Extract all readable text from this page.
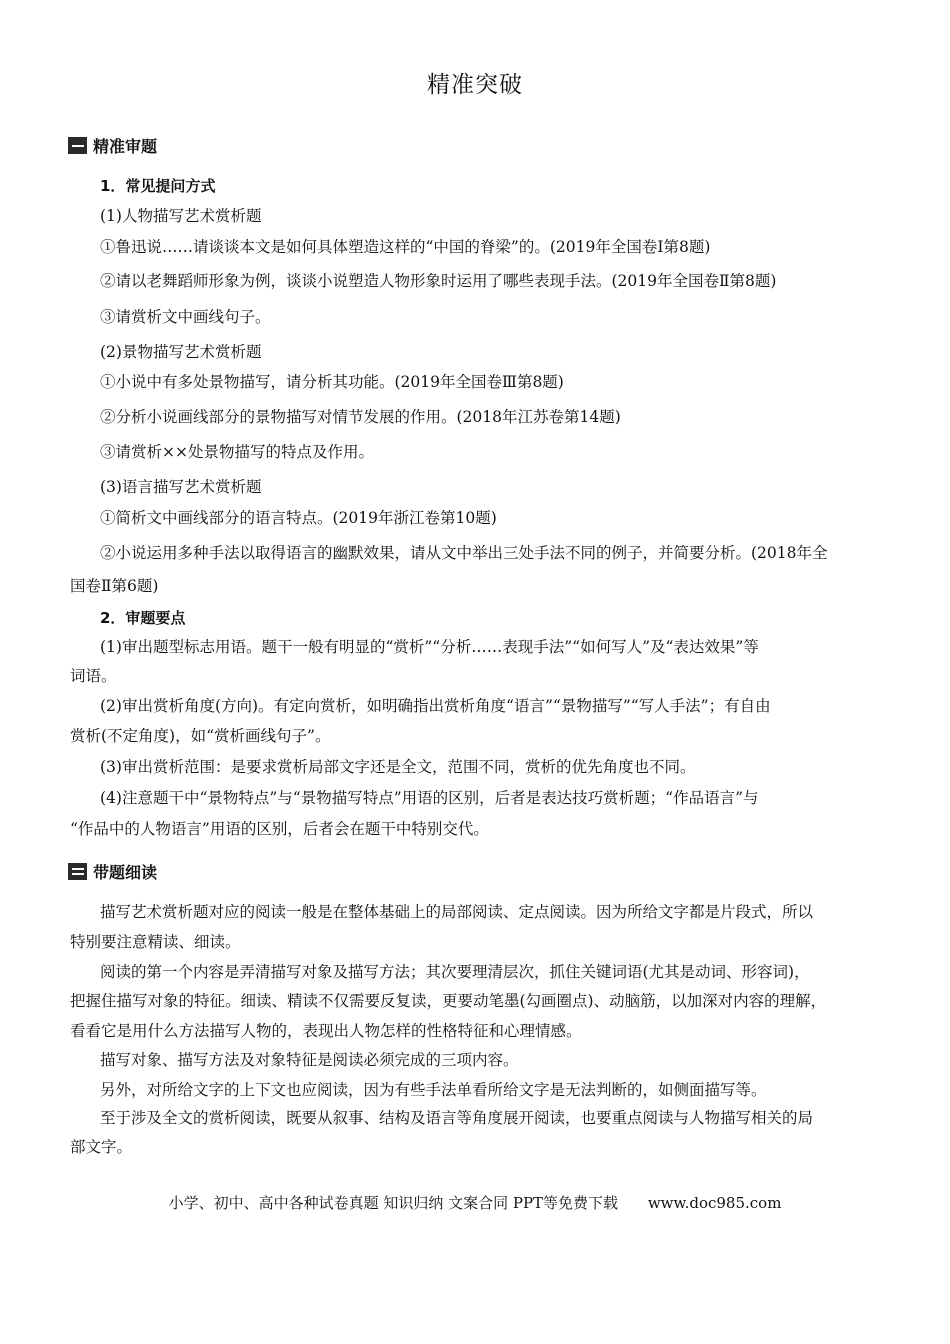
精准突破
精准审题
1．常见提问方式
(1)人物描写艺术赏析题
①鲁迅说……请谈谈本文是如何具体塑造这样的“中国的脊梁”的。(2019年全国卷Ⅰ第8题)
②请以老舞蹈师形象为例，谈谈小说塑造人物形象时运用了哪些表现手法。(2019年全国卷Ⅱ第8题)
③请赏析文中画线句子。
(2)景物描写艺术赏析题
①小说中有多处景物描写，请分析其功能。(2019年全国卷Ⅲ第8题)
②分析小说画线部分的景物描写对情节发展的作用。(2018年江苏卷第14题)
③请赏析××处景物描写的特点及作用。
(3)语言描写艺术赏析题
①简析文中画线部分的语言特点。(2019年浙江卷第10题)
②小说运用多种手法以取得语言的幽默效果，请从文中举出三处手法不同的例子，并简要分析。(2018年全
国卷Ⅱ第6题)
2．审题要点
(1)审出题型标志用语。题干一般有明显的“赏析”“分析……表现手法”“如何写人”及“表达效果”等
词语。
(2)审出赏析角度(方向)。有定向赏析，如明确指出赏析角度“语言”“景物描写”“写人手法”；有自由
赏析(不定角度)，如“赏析画线句子”。
(3)审出赏析范围：是要求赏析局部文字还是全文，范围不同，赏析的优先角度也不同。
(4)注意题干中“景物特点”与“景物描写特点”用语的区别，后者是表达技巧赏析题；“作品语言”与
“作品中的人物语言”用语的区别，后者会在题干中特别交代。
带题细读
描写艺术赏析题对应的阅读一般是在整体基础上的局部阅读、定点阅读。因为所给文字都是片段式，所以
特别要注意精读、细读。
阅读的第一个内容是弄清描写对象及描写方法；其次要理清层次，抓住关键词语(尤其是动词、形容词)，
把握住描写对象的特征。细读、精读不仅需要反复读，更要动笔墨(勾画圈点)、动脑筋，以加深对内容的理解，
看看它是用什么方法描写人物的，表现出人物怎样的性格特征和心理情感。
描写对象、描写方法及对象特征是阅读必须完成的三项内容。
另外，对所给文字的上下文也应阅读，因为有些手法单看所给文字是无法判断的，如侧面描写等。
至于涉及全文的赏析阅读，既要从叙事、结构及语言等角度展开阅读，也要重点阅读与人物描写相关的局
部文字。
小学、初中、高中各种试卷真题 知识归纳 文案合同 PPT等免费下载 www.doc985.com
